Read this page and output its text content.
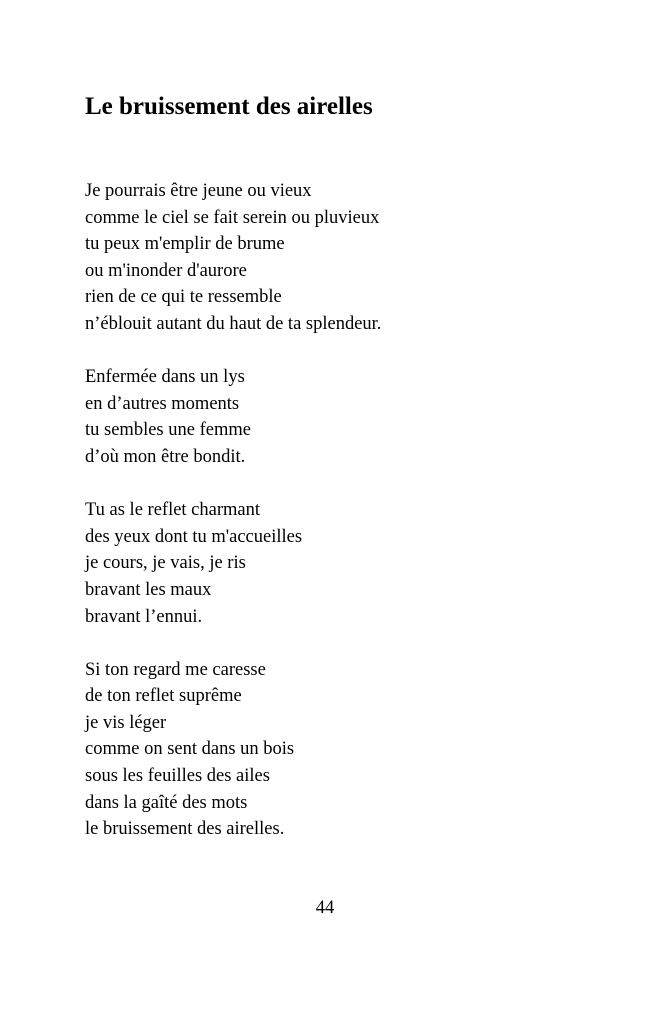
Le bruissement des airelles
Je pourrais être jeune ou vieux
comme le ciel se fait serein ou pluvieux
tu peux m'emplir de brume
ou m'inonder d'aurore
rien de ce qui te ressemble
n’éblouit autant du haut de ta splendeur.
Enfermée dans un lys
en d’autres moments
tu sembles une femme
d’où mon être bondit.
Tu as le reflet charmant
des yeux dont tu m'accueilles
je cours, je vais, je ris
bravant les maux
bravant l’ennui.
Si ton regard me caresse
de ton reflet suprême
je vis léger
comme on sent dans un bois
sous les feuilles des ailes
dans la gaîté des mots
le bruissement des airelles.
44
